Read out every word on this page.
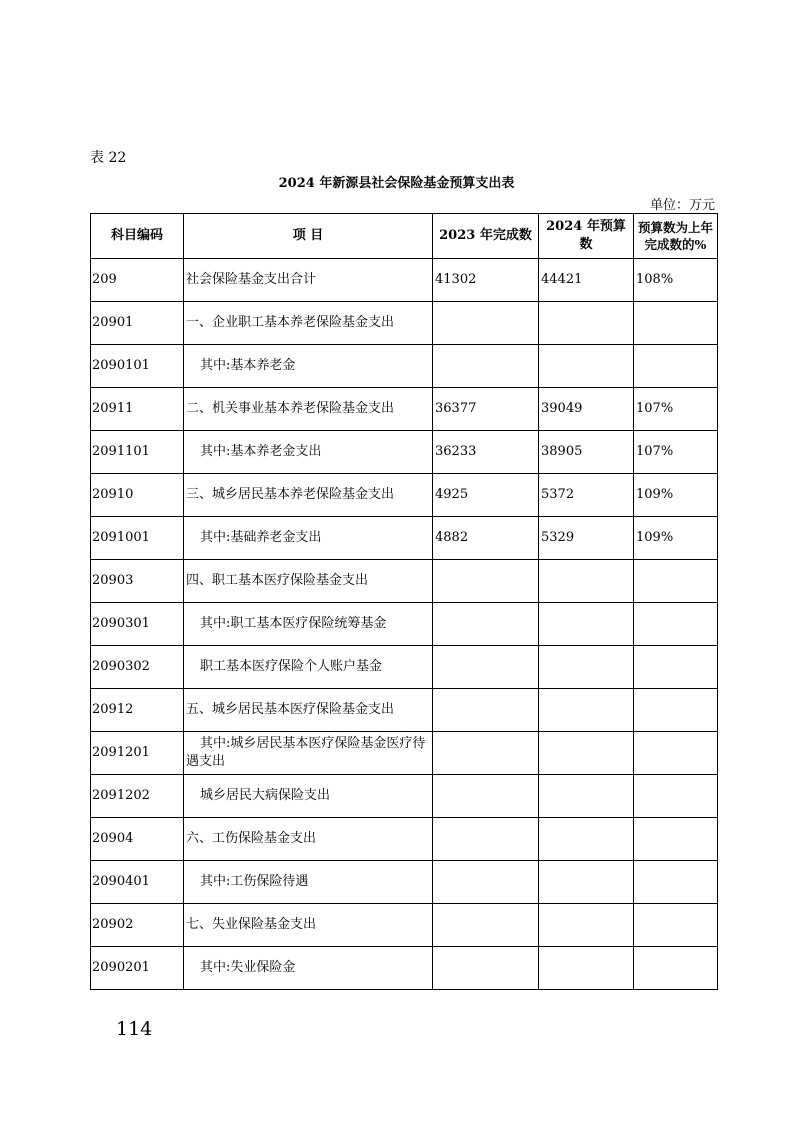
表 22
2024 年新源县社会保险基金预算支出表
单位：万元
科目编码	项 目	2023 年完成数	2024 年预算数	预算数为上年完成数的%
209	社会保险基金支出合计	41302	44421	108%
20901	一、企业职工基本养老保险基金支出			
2090101	其中:基本养老金			
20911	二、机关事业基本养老保险基金支出	36377	39049	107%
2091101	其中:基本养老金支出	36233	38905	107%
20910	三、城乡居民基本养老保险基金支出	4925	5372	109%
2091001	其中:基础养老金支出	4882	5329	109%
20903	四、职工基本医疗保险基金支出			
2090301	其中:职工基本医疗保险统筹基金			
2090302	职工基本医疗保险个人账户基金			
20912	五、城乡居民基本医疗保险基金支出			
2091201	其中:城乡居民基本医疗保险基金医疗待遇支出			
2091202	城乡居民大病保险支出			
20904	六、工伤保险基金支出			
2090401	其中:工伤保险待遇			
20902	七、失业保险基金支出			
2090201	其中:失业保险金			
114
